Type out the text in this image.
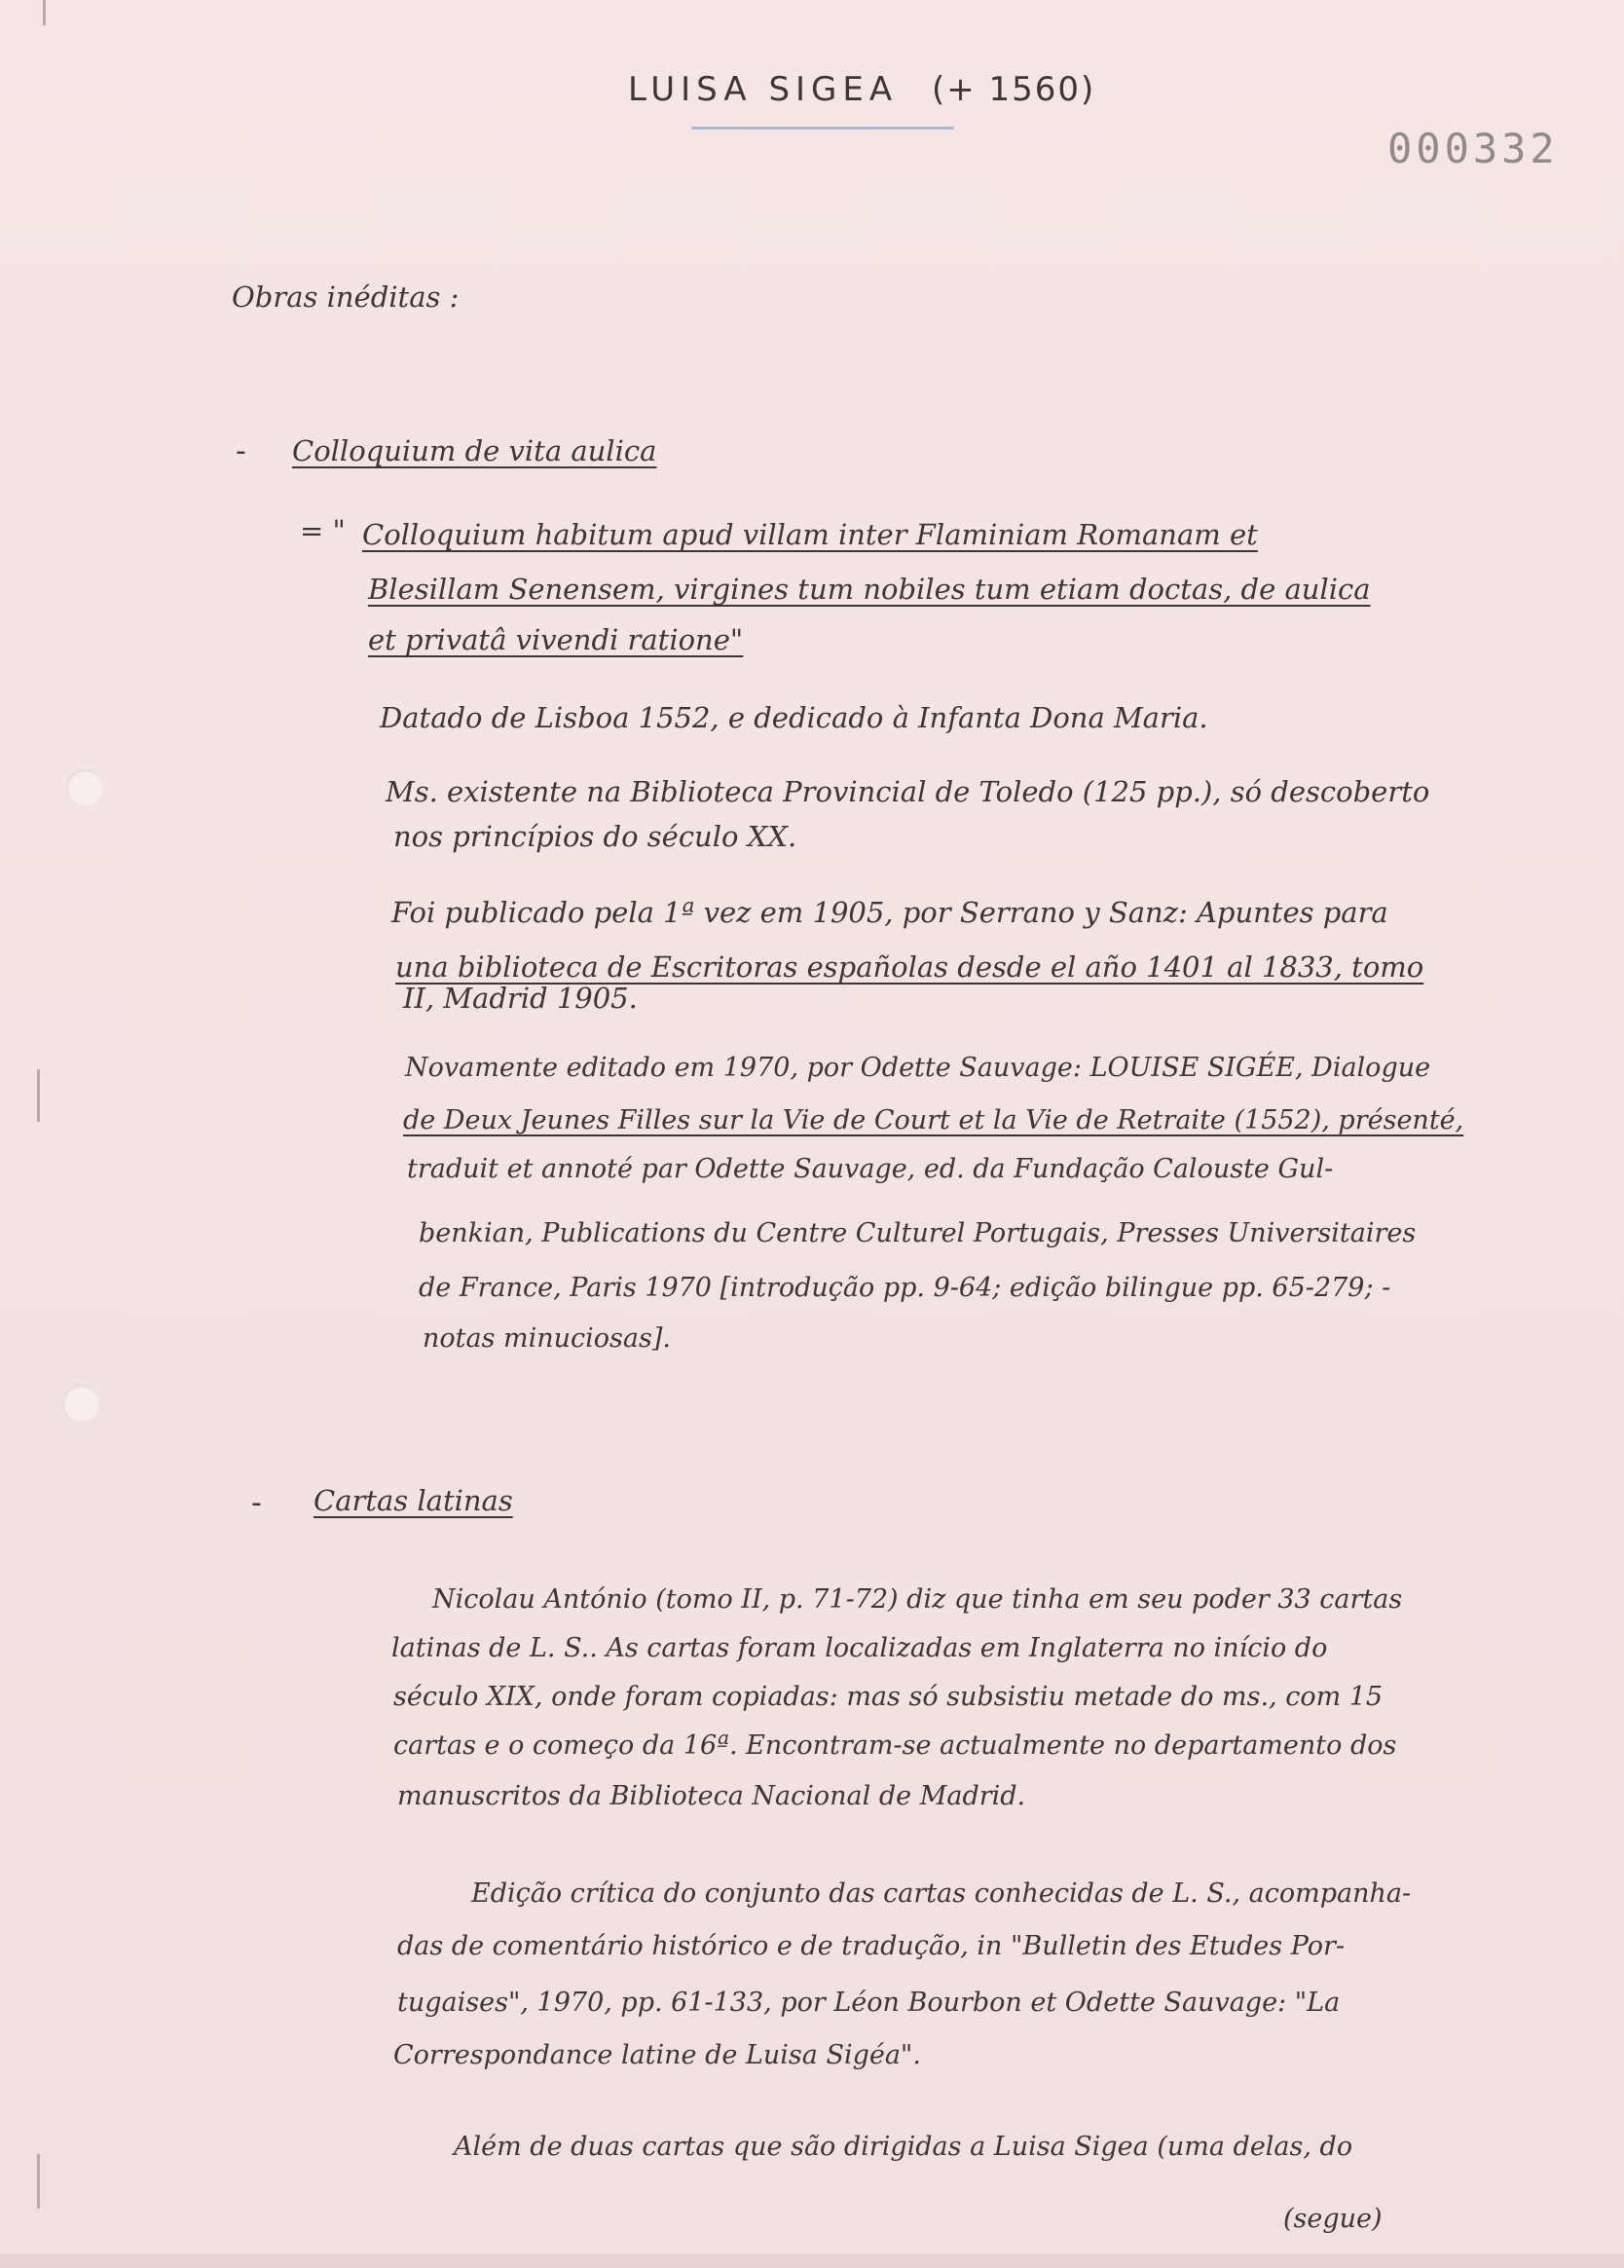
LUISA SIGEA (+ 1560)
000332
Obras inéditas :
- Colloquium de vita aulica
= " Colloquium habitum apud villam inter Flaminiam Romanam et
Blesillam Senensem, virgines tum nobiles tum etiam doctas, de aulica
et privatâ vivendi ratione"
Datado de Lisboa 1552, e dedicado à Infanta Dona Maria.
Ms. existente na Biblioteca Provincial de Toledo (125 pp.), só descoberto
nos princípios do século XX.
Foi publicado pela 1ª vez em 1905, por Serrano y Sanz: Apuntes para
una biblioteca de Escritoras españolas desde el año 1401 al 1833, tomo
II, Madrid 1905.
Novamente editado em 1970, por Odette Sauvage: LOUISE SIGÉE, Dialogue
de Deux Jeunes Filles sur la Vie de Court et la Vie de Retraite (1552), présenté,
traduit et annoté par Odette Sauvage, ed. da Fundação Calouste Gul-
benkian, Publications du Centre Culturel Portugais, Presses Universitaires
de France, Paris 1970 [introdução pp. 9-64; edição bilingue pp. 65-279; -
notas minuciosas].
- Cartas latinas
Nicolau António (tomo II, p. 71-72) diz que tinha em seu poder 33 cartas
latinas de L. S.. As cartas foram localizadas em Inglaterra no início do
século XIX, onde foram copiadas: mas só subsistiu metade do ms., com 15
cartas e o começo da 16ª. Encontram-se actualmente no departamento dos
manuscritos da Biblioteca Nacional de Madrid.
Edição crítica do conjunto das cartas conhecidas de L. S., acompanha-
das de comentário histórico e de tradução, in "Bulletin des Etudes Por-
tugaises", 1970, pp. 61-133, por Léon Bourbon et Odette Sauvage: "La
Correspondance latine de Luisa Sigéa".
Além de duas cartas que são dirigidas a Luisa Sigea (uma delas, do
(segue)
